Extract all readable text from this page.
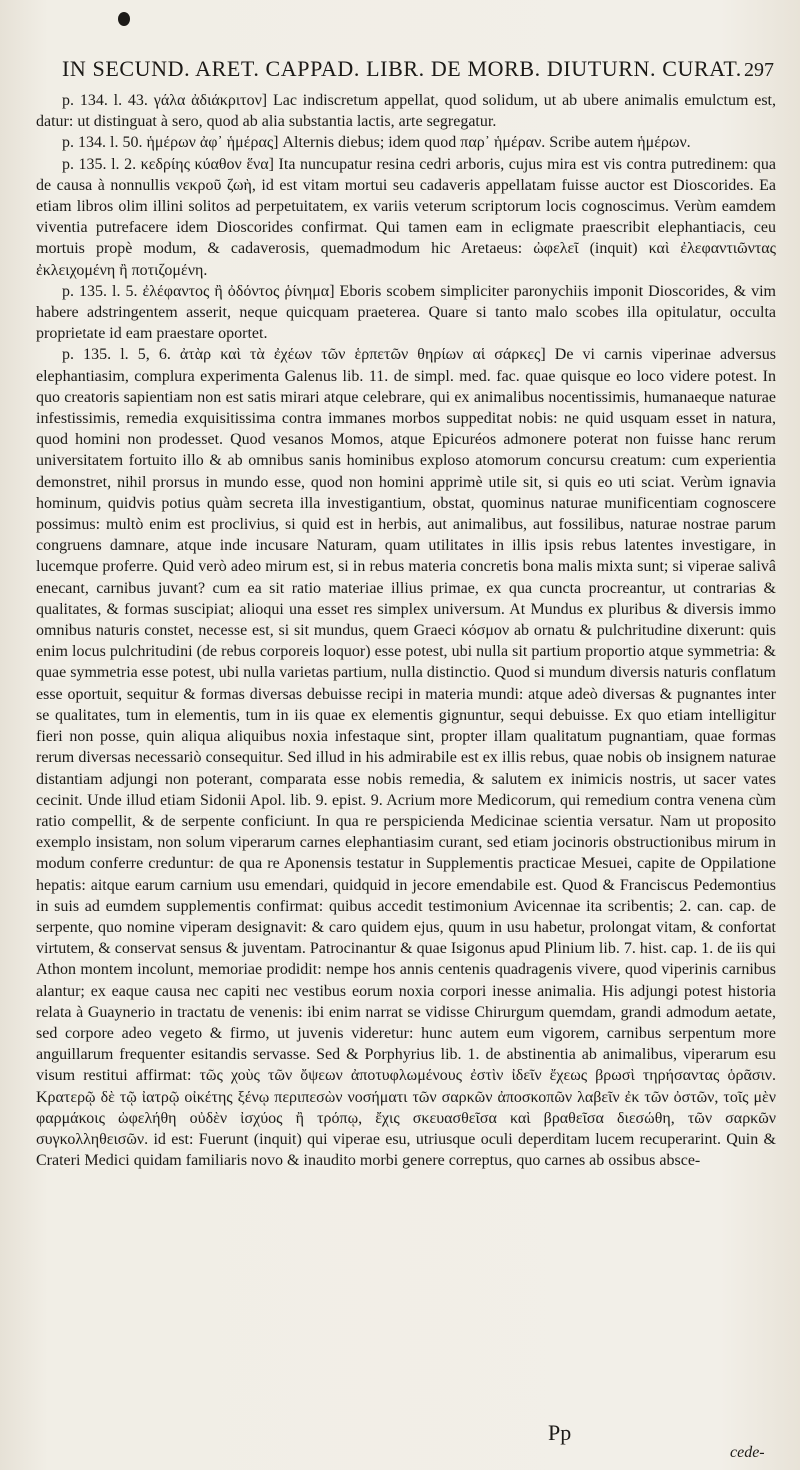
IN SECUND. ARET. CAPPAD. LIBR. DE MORB. DIUTURN. CURAT. 297

p. 134. l. 43. γάλα ἀδιάκριτον] Lac indiscretum appellat, quod solidum, ut ab ubere animalis emulctum est, datur: ut distinguat à sero, quod ab alia substantia lactis, arte segregatur.

p. 134. l. 50. ἡμέρων ἀφ᾽ ἡμέρας] Alternis diebus; idem quod παρ᾽ ἡμέραν. Scribe autem ἡμέρων.

p. 135. l. 2. κεδρίης κύαθον ἕνα] Ita nuncupatur resina cedri arboris, cujus mira est vis contra putredinem: qua de causa à nonnullis νεκροῦ ζωὴ, id est vitam mortui seu cadaveris appellatam fuisse auctor est Dioscorides. Ea etiam libros olim illini solitos ad perpetuitatem, ex variis veterum scriptorum locis cognoscimus. Verùm eamdem viventia putrefacere idem Dioscorides confirmat. Qui tamen eam in ecligmate praescribit elephantiacis, ceu mortuis propè modum, & cadaverosis, quemadmodum hic Aretaeus: ὠφελεῖ (inquit) καὶ ἐλεφαντιῶντας ἐκλειχομένη ἢ ποτιζομένη.

p. 135. l. 5. ἐλέφαντος ἢ ὀδόντος ῥίνημα] Eboris scobem simpliciter paronychiis imponit Dioscorides, & vim habere adstringentem asserit, neque quicquam praeterea. Quare si tanto malo scobes illa opitulatur, occulta proprietate id eam praestare oportet.

p. 135. l. 5, 6. ἀτὰρ καὶ τὰ ἐχέων τῶν ἑρπετῶν θηρίων αἱ σάρκες] De vi carnis viperinae adversus elephantiasim, complura experimenta Galenus lib. 11. de simpl. med. fac. quae quisque eo loco videre potest. In quo creatoris sapientiam non est satis mirari atque celebrare, qui ex animalibus nocentissimis, humanaeque naturae infestissimis, remedia exquisitissima contra immanes morbos suppeditat nobis: ne quid usquam esset in natura, quod homini non prodesset. Quod vesanos Momos, atque Epicuréos admonere poterat non fuisse hanc rerum universitatem fortuito illo & ab omnibus sanis hominibus exploso atomorum concursu creatum: cum experientia demonstret, nihil prorsus in mundo esse, quod non homini apprimè utile sit, si quis eo uti sciat. Verùm ignavia hominum, quidvis potius quàm secreta illa investigantium, obstat, quominus naturae munificentiam cognoscere possimus: multò enim est proclivius, si quid est in herbis, aut animalibus, aut fossilibus, naturae nostrae parum congruens damnare, atque inde incusare Naturam, quam utilitates in illis ipsis rebus latentes investigare, in lucemque proferre. Quid verò adeo mirum est, si in rebus materia concretis bona malis mixta sunt; si viperae salivâ enecant, carnibus juvant? cum ea sit ratio materiae illius primae, ex qua cuncta procreantur, ut contrarias & qualitates, & formas suscipiat; alioqui una esset res simplex universum. At Mundus ex pluribus & diversis immo omnibus naturis constet, necesse est, si sit mundus, quem Graeci κόσμον ab ornatu & pulchritudine dixerunt: quis enim locus pulchritudini (de rebus corporeis loquor) esse potest, ubi nulla sit partium proportio atque symmetria: & quae symmetria esse potest, ubi nulla varietas partium, nulla distinctio. Quod si mundum diversis naturis conflatum esse oportuit, sequitur & formas diversas debuisse recipi in materia mundi: atque adeò diversas & pugnantes inter se qualitates, tum in elementis, tum in iis quae ex elementis gignuntur, sequi debuisse. Ex quo etiam intelligitur fieri non posse, quin aliqua aliquibus noxia infestaque sint, propter illam qualitatum pugnantiam, quae formas rerum diversas necessariò consequitur. Sed illud in his admirabile est ex illis rebus, quae nobis ob insignem naturae distantiam adjungi non poterant, comparata esse nobis remedia, & salutem ex inimicis nostris, ut sacer vates cecinit. Unde illud etiam Sidonii Apol. lib. 9. epist. 9. Acrium more Medicorum, qui remedium contra venena cùm ratio compellit, & de serpente conficiunt. In qua re perspicienda Medicinae scientia versatur. Nam ut proposito exemplo insistam, non solum viperarum carnes elephantiasim curant, sed etiam jocinoris obstructionibus mirum in modum conferre creduntur: de qua re Aponensis testatur in Supplementis practicae Mesuei, capite de Oppilatione hepatis: aitque earum carnium usu emendari, quidquid in jecore emendabile est. Quod & Franciscus Pedemontius in suis ad eumdem supplementis confirmat: quibus accedit testimonium Avicennae ita scribentis; 2. can. cap. de serpente, quo nomine viperam designavit: & caro quidem ejus, quum in usu habetur, prolongat vitam, & confortat virtutem, & conservat sensus & juventam. Patrocinantur & quae Isigonus apud Plinium lib. 7. hist. cap. 1. de iis qui Athon montem incolunt, memoriae prodidit: nempe hos annis centenis quadragenis vivere, quod viperinis carnibus alantur; ex eaque causa nec capiti nec vestibus eorum noxia corpori inesse animalia. His adjungi potest historia relata à Guaynerio in tractatu de venenis: ibi enim narrat se vidisse Chirurgum quemdam, grandi admodum aetate, sed corpore adeo vegeto & firmo, ut juvenis videretur: hunc autem eum vigorem, carnibus serpentum more anguillarum frequenter esitandis servasse. Sed & Porphyrius lib. 1. de abstinentia ab animalibus, viperarum esu visum restitui affirmat: τῶς χοὺς τῶν ὄψεων ἀποτυφλωμένους ἐστὶν ἰδεῖν ἔχεως βρωσὶ τηρήσαντας ὁρᾶσιν. Κρατερῷ δὲ τῷ ἰατρῷ οἰκέτης ξένῳ περιπεσὼν νοσήματι τῶν σαρκῶν ἀποσκοπῶν λαβεῖν ἐκ τῶν ὀστῶν, τοῖς μὲν φαρμάκοις ὠφελήθη οὐδὲν ἰσχύος ἢ τρόπῳ, ἔχις σκευασθεῖσα καὶ βραθεῖσα διεσώθη, τῶν σαρκῶν συγκολληθεισῶν. id est: Fuerunt (inquit) qui viperae esu, utriusque oculi deperditam lucem recuperarint. Quin & Crateri Medici quidam familiaris novo & inaudito morbi genere correptus, quo carnes ab ossibus absce-

Pp
cede-
